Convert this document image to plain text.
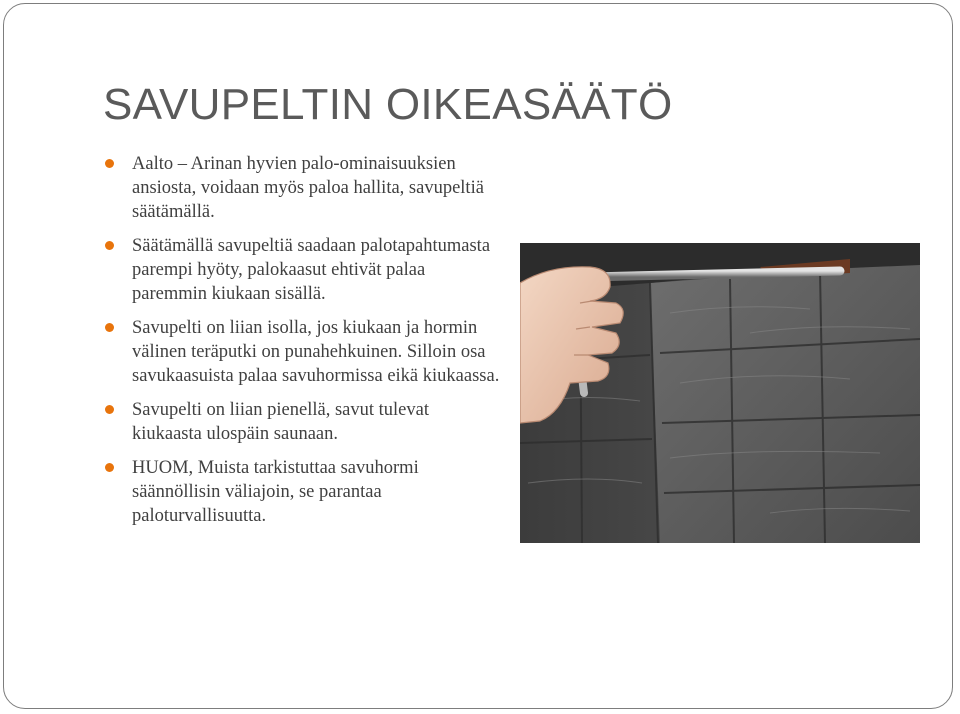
SAVUPELTIN OIKEASÄÄTÖ
Aalto – Arinan hyvien palo-ominaisuuksien ansiosta, voidaan myös paloa hallita, savupeltiä säätämällä.
Säätämällä savupeltiä saadaan palotapahtumasta parempi hyöty, palokaasut ehtivät palaa paremmin kiukaan sisällä.
Savupelti on liian isolla, jos kiukaan ja hormin välinen teräputki on punahehkuinen. Silloin osa savukaasuista palaa savuhormissa eikä kiukaassa.
Savupelti on liian pienellä, savut tulevat kiukaasta ulospäin saunaan.
HUOM, Muista tarkistuttaa savuhormi säännöllisin väliajoin, se parantaa paloturvallisuutta.
